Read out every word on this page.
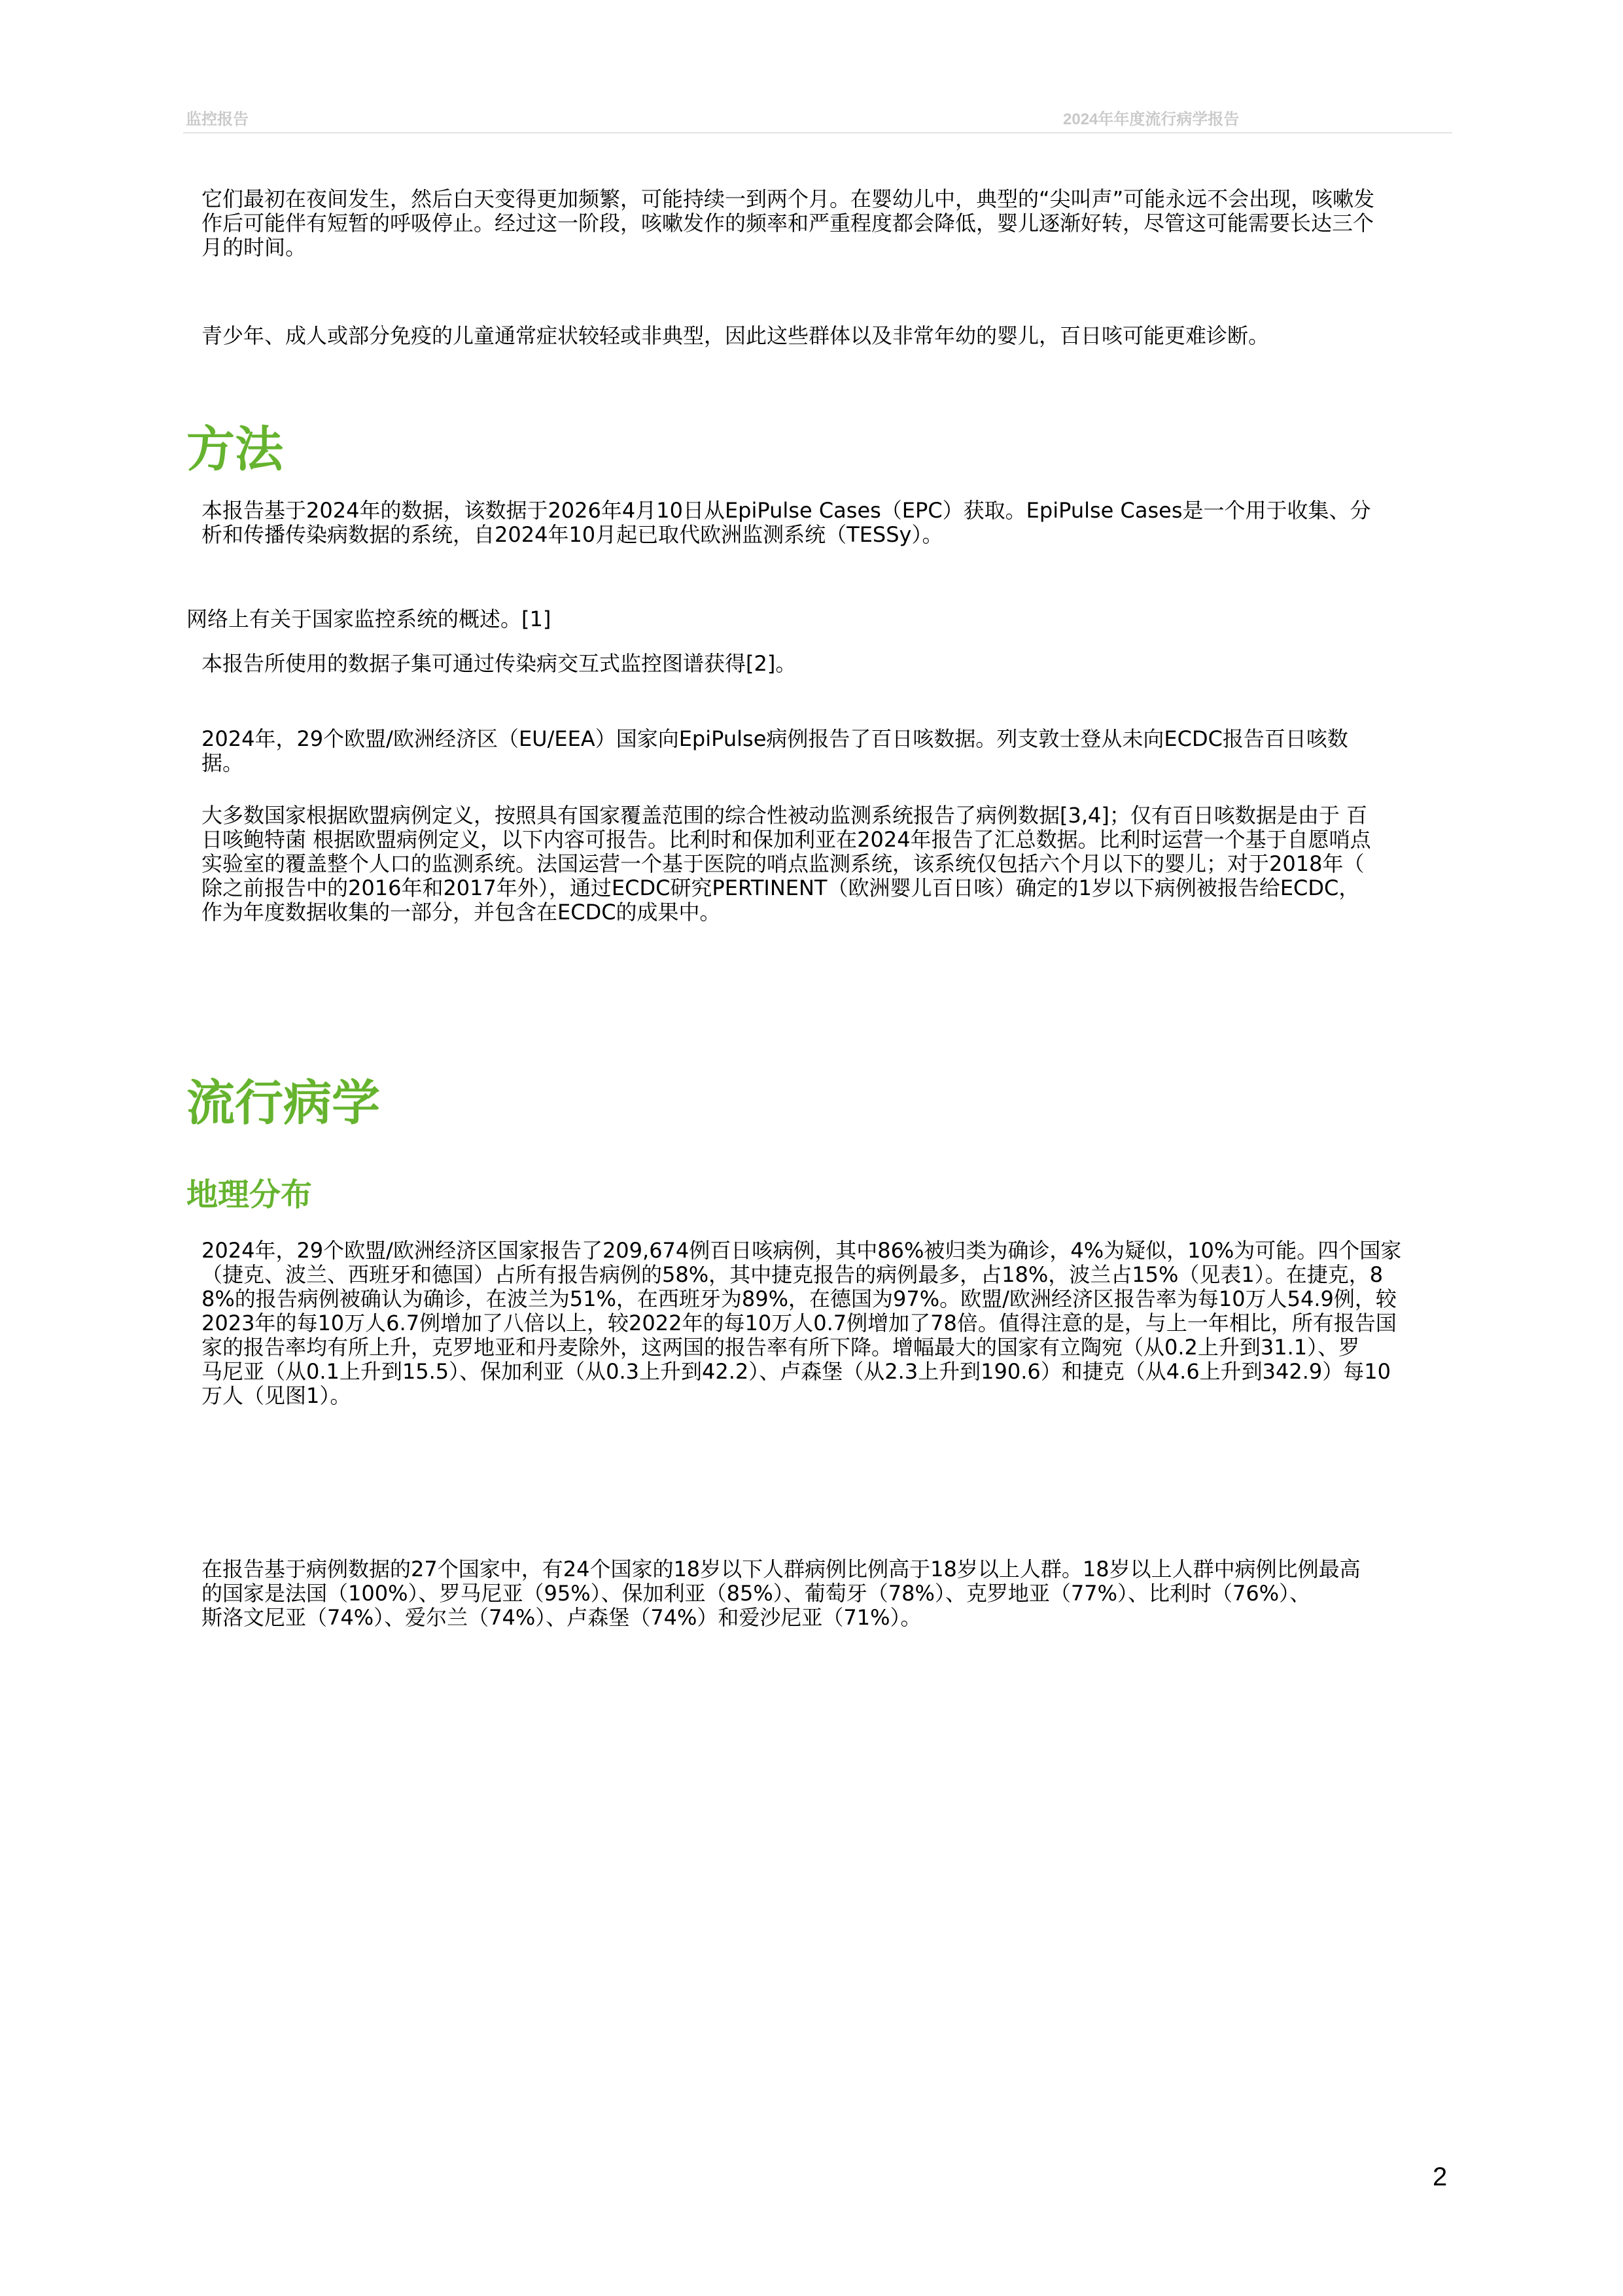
监控报告	2024年年度流行病学报告

它们最初在夜间发生，然后白天变得更加频繁，可能持续一到两个月。在婴幼儿中，典型的“尖叫声”可能永远不会出现，咳嗽发
作后可能伴有短暂的呼吸停止。经过这一阶段，咳嗽发作的频率和严重程度都会降低，婴儿逐渐好转，尽管这可能需要长达三个
月的时间。

青少年、成人或部分免疫的儿童通常症状较轻或非典型，因此这些群体以及非常年幼的婴儿，百日咳可能更难诊断。

方法

本报告基于2024年的数据，该数据于2026年4月10日从EpiPulse Cases（EPC）获取。EpiPulse Cases是一个用于收集、分
析和传播传染病数据的系统，自2024年10月起已取代欧洲监测系统（TESSy）。

网络上有关于国家监控系统的概述。[1]

本报告所使用的数据子集可通过传染病交互式监控图谱获得[2]。

2024年，29个欧盟/欧洲经济区（EU/EEA）国家向EpiPulse病例报告了百日咳数据。列支敦士登从未向ECDC报告百日咳数
据。

大多数国家根据欧盟病例定义，按照具有国家覆盖范围的综合性被动监测系统报告了病例数据[3,4]；仅有百日咳数据是由于 百
日咳鲍特菌 根据欧盟病例定义，以下内容可报告。比利时和保加利亚在2024年报告了汇总数据。比利时运营一个基于自愿哨点
实验室的覆盖整个人口的监测系统。法国运营一个基于医院的哨点监测系统，该系统仅包括六个月以下的婴儿；对于2018年（
除之前报告中的2016年和2017年外），通过ECDC研究PERTINENT（欧洲婴儿百日咳）确定的1岁以下病例被报告给ECDC，
作为年度数据收集的一部分，并包含在ECDC的成果中。

流行病学
地理分布

2024年，29个欧盟/欧洲经济区国家报告了209,674例百日咳病例，其中86%被归类为确诊，4%为疑似，10%为可能。四个国家
（捷克、波兰、西班牙和德国）占所有报告病例的58%，其中捷克报告的病例最多，占18%，波兰占15%（见表1）。在捷克，8
8%的报告病例被确认为确诊，在波兰为51%，在西班牙为89%，在德国为97%。欧盟/欧洲经济区报告率为每10万人54.9例，较
2023年的每10万人6.7例增加了八倍以上，较2022年的每10万人0.7例增加了78倍。值得注意的是，与上一年相比，所有报告国
家的报告率均有所上升，克罗地亚和丹麦除外，这两国的报告率有所下降。增幅最大的国家有立陶宛（从0.2上升到31.1）、罗
马尼亚（从0.1上升到15.5）、保加利亚（从0.3上升到42.2）、卢森堡（从2.3上升到190.6）和捷克（从4.6上升到342.9）每10
万人（见图1）。

在报告基于病例数据的27个国家中，有24个国家的18岁以下人群病例比例高于18岁以上人群。18岁以上人群中病例比例最高
的国家是法国（100%）、罗马尼亚（95%）、保加利亚（85%）、葡萄牙（78%）、克罗地亚（77%）、比利时（76%）、
斯洛文尼亚（74%）、爱尔兰（74%）、卢森堡（74%）和爱沙尼亚（71%）。

2
